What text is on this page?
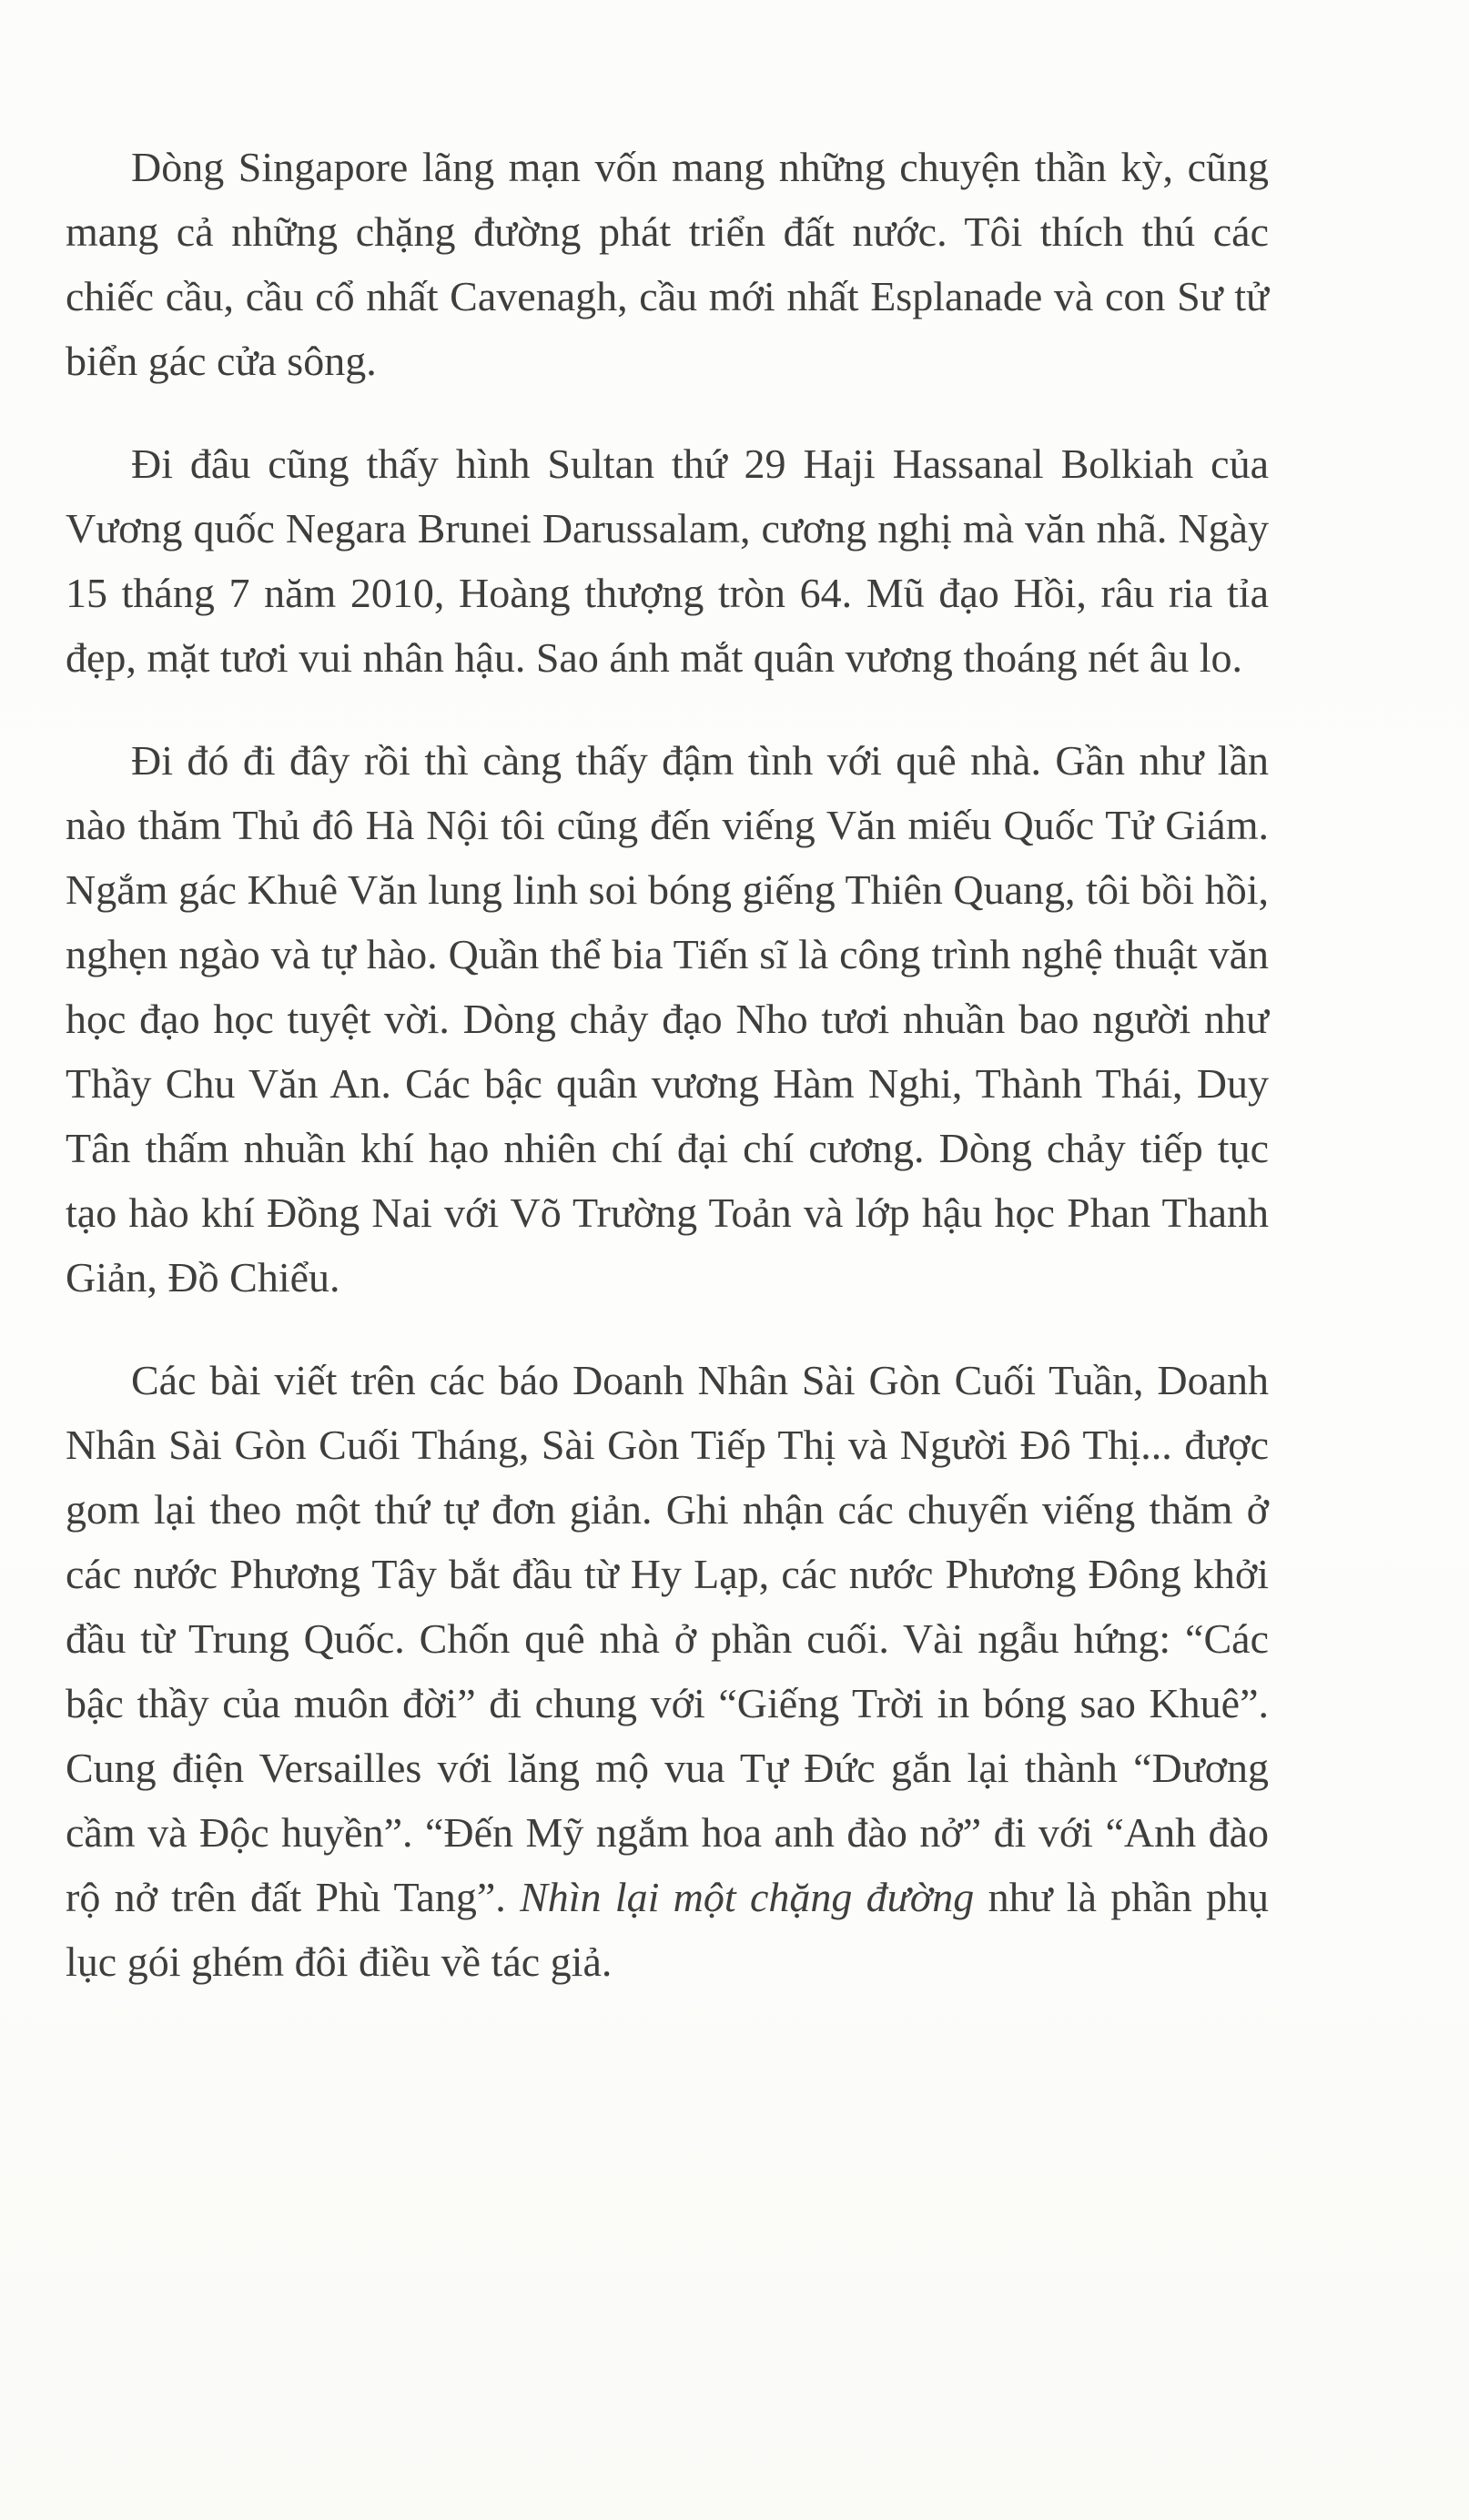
Dòng Singapore lãng mạn vốn mang những chuyện thần kỳ, cũng mang cả những chặng đường phát triển đất nước. Tôi thích thú các chiếc cầu, cầu cổ nhất Cavenagh, cầu mới nhất Esplanade và con Sư tử biển gác cửa sông.

Đi đâu cũng thấy hình Sultan thứ 29 Haji Hassanal Bolkiah của Vương quốc Negara Brunei Darussalam, cương nghị mà văn nhã. Ngày 15 tháng 7 năm 2010, Hoàng thượng tròn 64. Mũ đạo Hồi, râu ria tỉa đẹp, mặt tươi vui nhân hậu. Sao ánh mắt quân vương thoáng nét âu lo.

Đi đó đi đây rồi thì càng thấy đậm tình với quê nhà. Gần như lần nào thăm Thủ đô Hà Nội tôi cũng đến viếng Văn miếu Quốc Tử Giám. Ngắm gác Khuê Văn lung linh soi bóng giếng Thiên Quang, tôi bồi hồi, nghẹn ngào và tự hào. Quần thể bia Tiến sĩ là công trình nghệ thuật văn học đạo học tuyệt vời. Dòng chảy đạo Nho tươi nhuần bao người như Thầy Chu Văn An. Các bậc quân vương Hàm Nghi, Thành Thái, Duy Tân thấm nhuần khí hạo nhiên chí đại chí cương. Dòng chảy tiếp tục tạo hào khí Đồng Nai với Võ Trường Toản và lớp hậu học Phan Thanh Giản, Đồ Chiểu.

Các bài viết trên các báo Doanh Nhân Sài Gòn Cuối Tuần, Doanh Nhân Sài Gòn Cuối Tháng, Sài Gòn Tiếp Thị và Người Đô Thị... được gom lại theo một thứ tự đơn giản. Ghi nhận các chuyến viếng thăm ở các nước Phương Tây bắt đầu từ Hy Lạp, các nước Phương Đông khởi đầu từ Trung Quốc. Chốn quê nhà ở phần cuối. Vài ngẫu hứng: “Các bậc thầy của muôn đời” đi chung với “Giếng Trời in bóng sao Khuê”. Cung điện Versailles với lăng mộ vua Tự Đức gắn lại thành “Dương cầm và Độc huyền”. “Đến Mỹ ngắm hoa anh đào nở” đi với “Anh đào rộ nở trên đất Phù Tang”. Nhìn lại một chặng đường như là phần phụ lục gói ghém đôi điều về tác giả.
